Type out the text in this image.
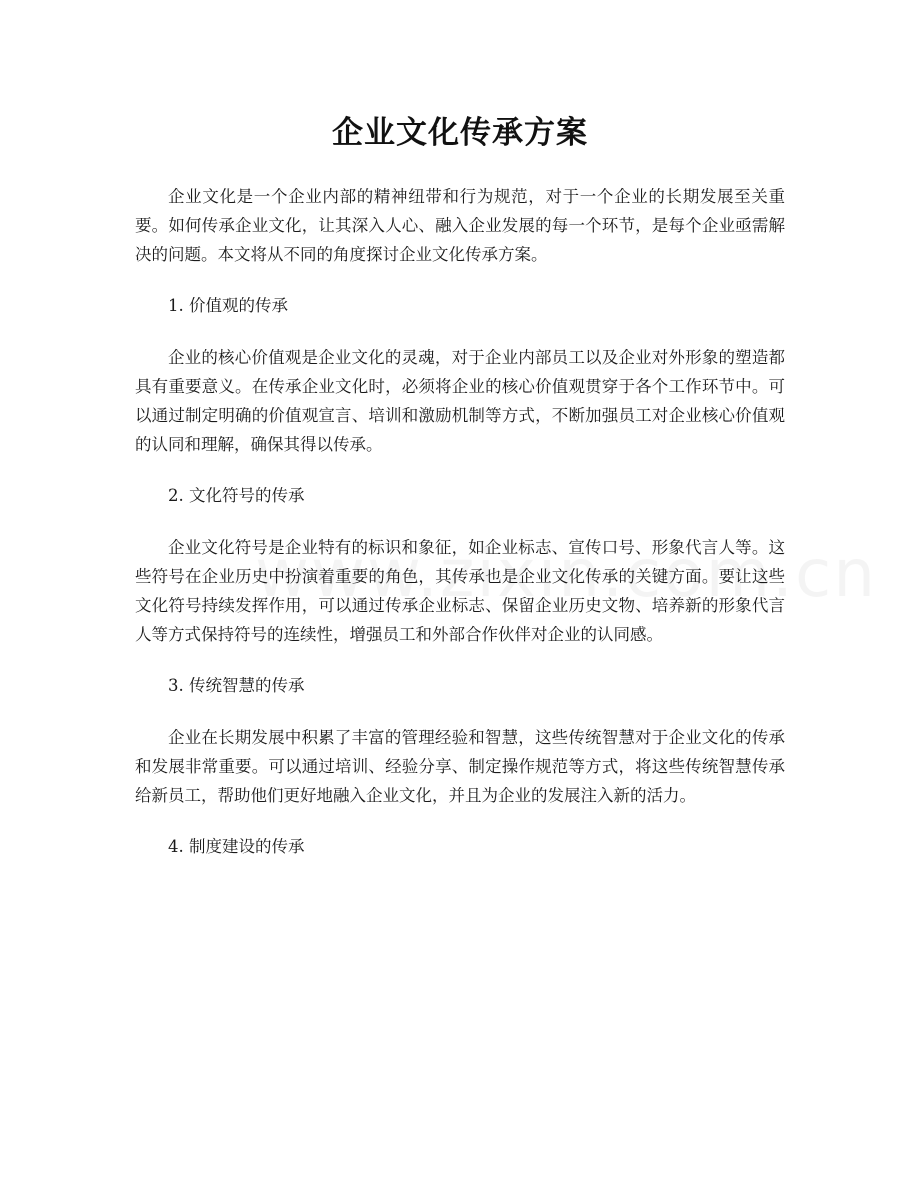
企业文化传承方案

企业文化是一个企业内部的精神纽带和行为规范，对于一个企业的长期发展至关重要。如何传承企业文化，让其深入人心、融入企业发展的每一个环节，是每个企业亟需解决的问题。本文将从不同的角度探讨企业文化传承方案。

1. 价值观的传承

企业的核心价值观是企业文化的灵魂，对于企业内部员工以及企业对外形象的塑造都具有重要意义。在传承企业文化时，必须将企业的核心价值观贯穿于各个工作环节中。可以通过制定明确的价值观宣言、培训和激励机制等方式，不断加强员工对企业核心价值观的认同和理解，确保其得以传承。

2. 文化符号的传承

企业文化符号是企业特有的标识和象征，如企业标志、宣传口号、形象代言人等。这些符号在企业历史中扮演着重要的角色，其传承也是企业文化传承的关键方面。要让这些文化符号持续发挥作用，可以通过传承企业标志、保留企业历史文物、培养新的形象代言人等方式保持符号的连续性，增强员工和外部合作伙伴对企业的认同感。

3. 传统智慧的传承

企业在长期发展中积累了丰富的管理经验和智慧，这些传统智慧对于企业文化的传承和发展非常重要。可以通过培训、经验分享、制定操作规范等方式，将这些传统智慧传承给新员工，帮助他们更好地融入企业文化，并且为企业的发展注入新的活力。

4. 制度建设的传承
